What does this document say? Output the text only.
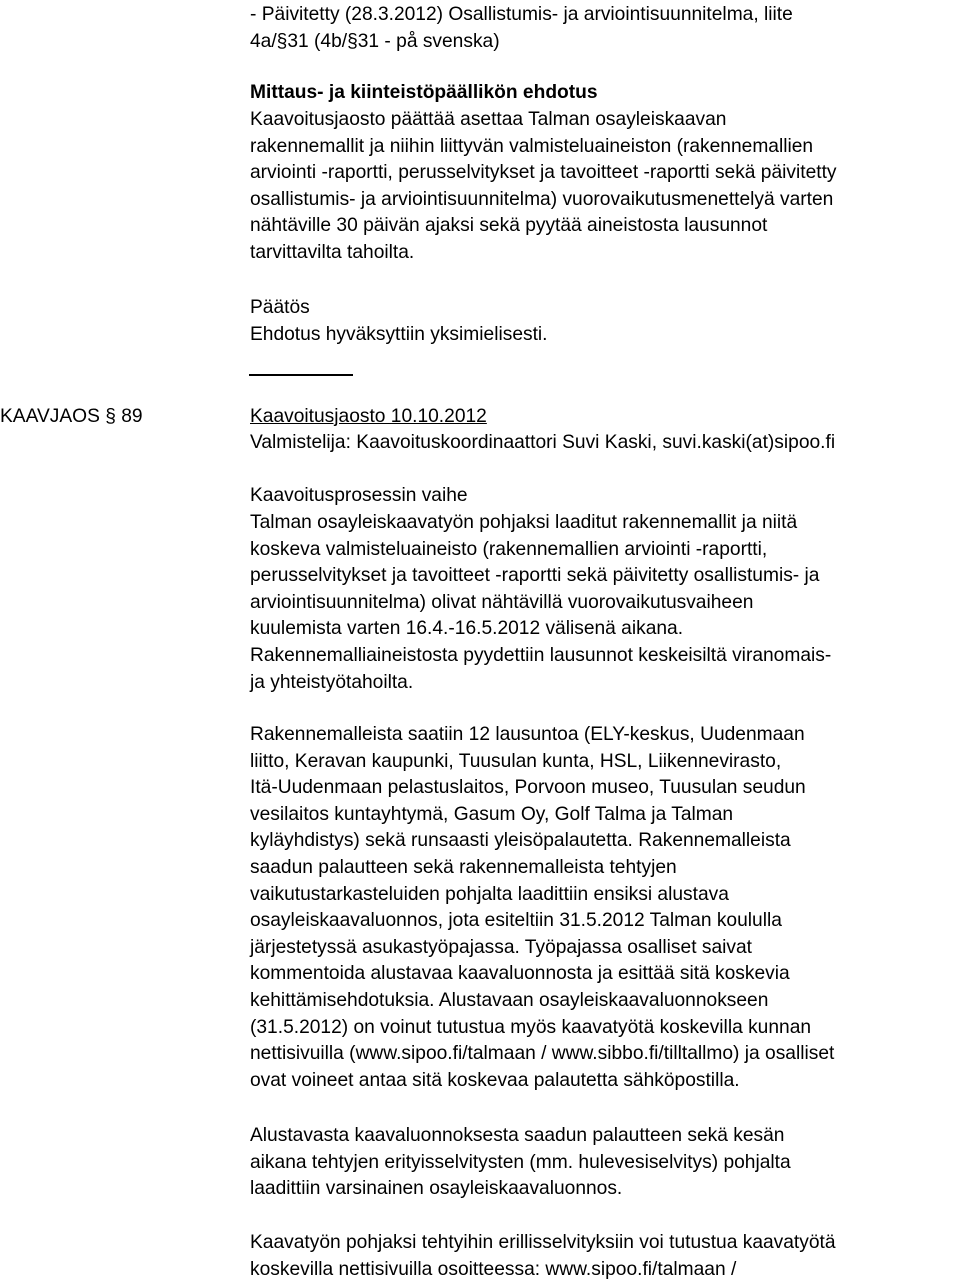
- Päivitetty (28.3.2012) Osallistumis- ja arviointisuunnitelma, liite
4a/§31 (4b/§31 - på svenska)
Mittaus- ja kiinteistöpäällikön ehdotus
Kaavoitusjaosto päättää asettaa Talman osayleiskaavan
rakennemallit ja niihin liittyvän valmisteluaineiston (rakennemallien
arviointi -raportti, perusselvitykset ja tavoitteet -raportti sekä päivitetty
osallistumis- ja arviointisuunnitelma) vuorovaikutusmenettelyä varten
nähtäville 30 päivän ajaksi sekä pyytää aineistosta lausunnot
tarvittavilta tahoilta.
Päätös
Ehdotus hyväksyttiin yksimielisesti.
KAAVJAOS § 89	Kaavoitusjaosto 10.10.2012
Valmistelija: Kaavoituskoordinaattori Suvi Kaski, suvi.kaski(at)sipoo.fi
Kaavoitusprosessin vaihe
Talman osayleiskaavatyön pohjaksi laaditut rakennemallit ja niitä
koskeva valmisteluaineisto (rakennemallien arviointi -raportti,
perusselvitykset ja tavoitteet -raportti sekä päivitetty osallistumis- ja
arviointisuunnitelma) olivat nähtävillä vuorovaikutusvaiheen
kuulemista varten 16.4.-16.5.2012 välisenä aikana.
Rakennemalliaineistosta pyydettiin lausunnot keskeisiltä viranomais-
ja yhteistyötahoilta.
Rakennemalleista saatiin 12 lausuntoa (ELY-keskus, Uudenmaan
liitto, Keravan kaupunki, Tuusulan kunta, HSL, Liikennevirasto,
Itä-Uudenmaan pelastuslaitos, Porvoon museo, Tuusulan seudun
vesilaitos kuntayhtymä, Gasum Oy, Golf Talma ja Talman
kyläyhdistys) sekä runsaasti yleisöpalautetta. Rakennemalleista
saadun palautteen sekä rakennemalleista tehtyjen
vaikutustarkasteluiden pohjalta laadittiin ensiksi alustava
osayleiskaavaluonnos, jota esiteltiin 31.5.2012 Talman koululla
järjestetyssä asukastyöpajassa. Työpajassa osalliset saivat
kommentoida alustavaa kaavaluonnosta ja esittää sitä koskevia
kehittämisehdotuksia. Alustavaan osayleiskaavaluonnokseen
(31.5.2012) on voinut tutustua myös kaavatyötä koskevilla kunnan
nettisivuilla (www.sipoo.fi/talmaan / www.sibbo.fi/tilltallmo) ja osalliset
ovat voineet antaa sitä koskevaa palautetta sähköpostilla.
Alustavasta kaavaluonnoksesta saadun palautteen sekä kesän
aikana tehtyjen erityisselvitysten (mm. hulevesiselvitys) pohjalta
laadittiin varsinainen osayleiskaavaluonnos.
Kaavatyön pohjaksi tehtyihin erillisselvityksiin voi tutustua kaavatyötä
koskevilla nettisivuilla osoitteessa: www.sipoo.fi/talmaan /
